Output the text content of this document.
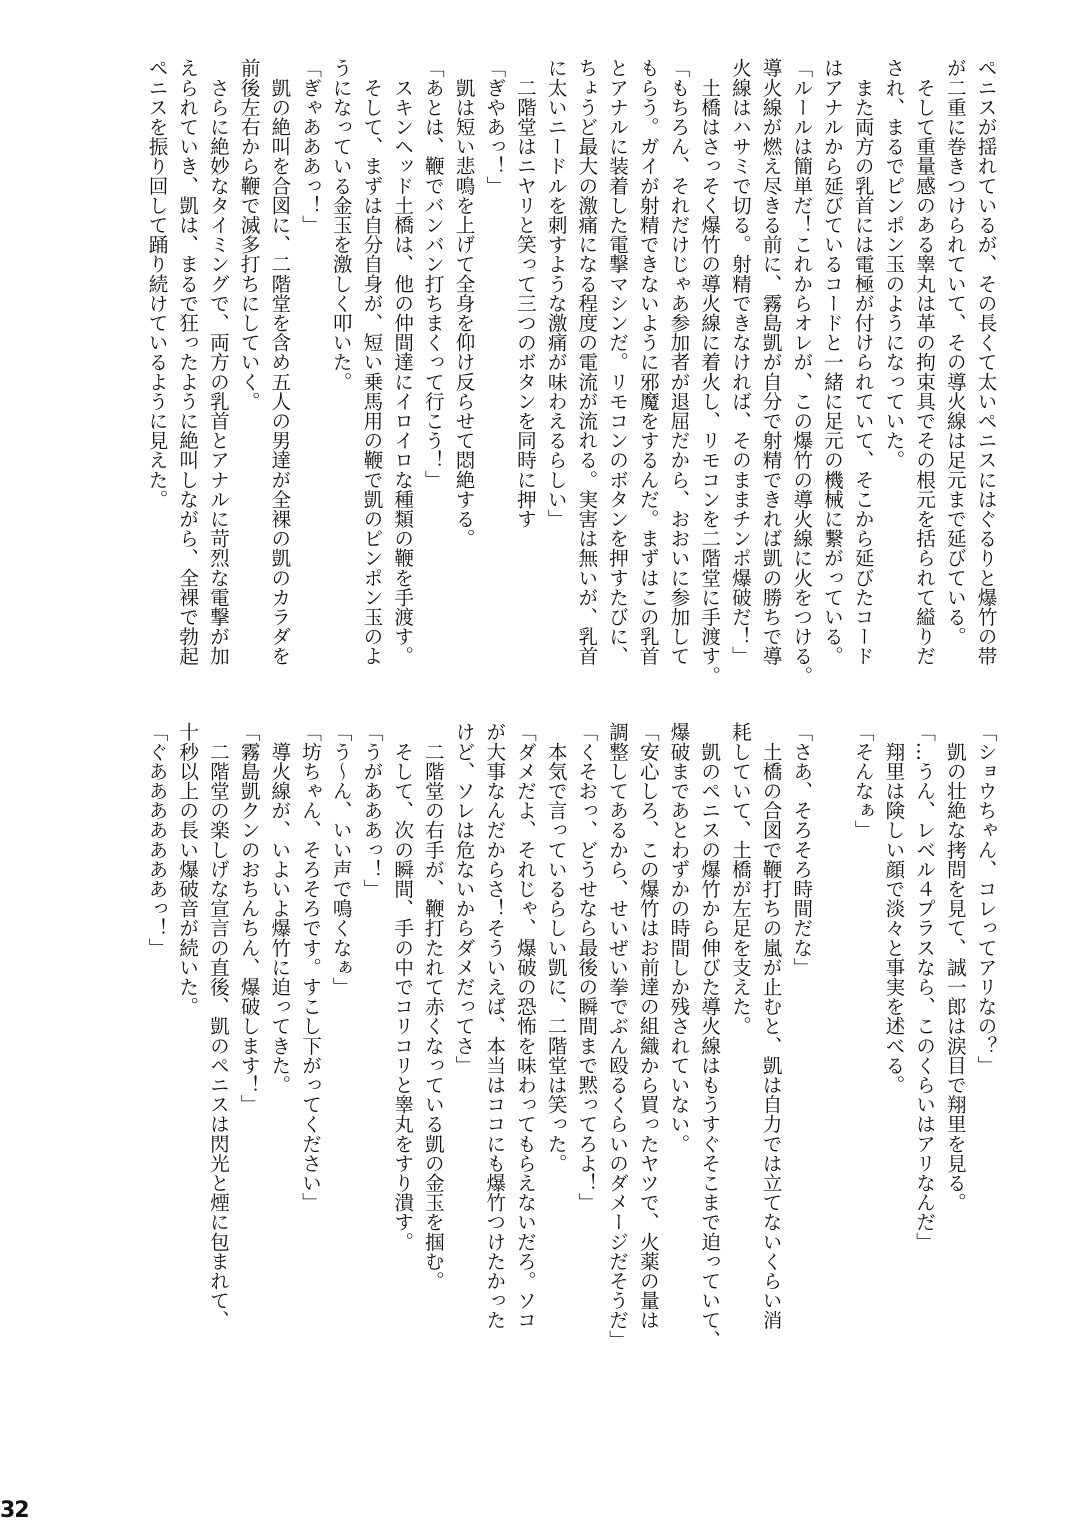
ペニスが揺れているが、その長くて太いペニスにはぐるりと爆竹の帯
が二重に巻きつけられていて、その導火線は足元まで延びている。
　そして重量感のある睾丸は革の拘束具でその根元を括られて縊りだ
され、まるでピンポン玉のようになっていた。
　また両方の乳首には電極が付けられていて、そこから延びたコード
はアナルから延びているコードと一緒に足元の機械に繋がっている。
「ルールは簡単だ！これからオレが、この爆竹の導火線に火をつける。
導火線が燃え尽きる前に、霧島凱が自分で射精できれば凱の勝ちで導
火線はハサミで切る。射精できなければ、そのままチンポ爆破だ！」
　土橋はさっそく爆竹の導火線に着火し、リモコンを二階堂に手渡す。
「もちろん、それだけじゃあ参加者が退屈だから、おおいに参加して
もらう。ガイが射精できないように邪魔をするんだ。まずはこの乳首
とアナルに装着した電撃マシンだ。リモコンのボタンを押すたびに、
ちょうど最大の激痛になる程度の電流が流れる。実害は無いが、乳首
に太いニードルを刺すような激痛が味わえるらしい」
　二階堂はニヤリと笑って三つのボタンを同時に押す
「ぎやあっ！」
　凱は短い悲鳴を上げて全身を仰け反らせて悶絶する。
「あとは、鞭でバンバン打ちまくって行こう！」
　スキンヘッド土橋は、他の仲間達にイロイロな種類の鞭を手渡す。
　そして、まずは自分自身が、短い乗馬用の鞭で凱のピンポン玉のよ
うになっている金玉を激しく叩いた。
「ぎゃあああっ！」
　凱の絶叫を合図に、二階堂を含め五人の男達が全裸の凱のカラダを
前後左右から鞭で滅多打ちにしていく。
　さらに絶妙なタイミングで、両方の乳首とアナルに苛烈な電撃が加
えられていき、凱は、まるで狂ったように絶叫しながら、全裸で勃起
ペニスを振り回して踊り続けているように見えた。
「ショウちゃん、コレってアリなの？」
　凱の壮絶な拷問を見て、誠一郎は涙目で翔里を見る。
「…うん、レベル４プラスなら、このくらいはアリなんだ」
　翔里は険しい顔で淡々と事実を述べる。
「そんなぁ」

「さあ、そろそろ時間だな」
　土橋の合図で鞭打ちの嵐が止むと、凱は自力では立てないくらい消
耗していて、土橋が左足を支えた。
　凱のペニスの爆竹から伸びた導火線はもうすぐそこまで迫っていて、
爆破まであとわずかの時間しか残されていない。
「安心しろ、この爆竹はお前達の組織から買ったヤツで、火薬の量は
調整してあるから、せいぜい拳でぶん殴るくらいのダメージだそうだ」
「くそおっ、どうせなら最後の瞬間まで黙ってろよ！」
　本気で言っているらしい凱に、二階堂は笑った。
「ダメだよ、それじゃ、爆破の恐怖を味わってもらえないだろ。ソコ
が大事なんだからさ！そういえば、本当はココにも爆竹つけたかった
けど、ソレは危ないからダメだってさ」
　二階堂の右手が、鞭打たれて赤くなっている凱の金玉を掴む。
　そして、次の瞬間、手の中でコリコリと睾丸をすり潰す。
「うがあああっ！」
「う〜ん、いい声で鳴くなぁ」
「坊ちゃん、そろそろです。すこし下がってください」
　導火線が、いよいよ爆竹に迫ってきた。
「霧島凱クンのおちんちん、爆破します！」
　二階堂の楽しげな宣言の直後、凱のペニスは閃光と煙に包まれて、
十秒以上の長い爆破音が続いた。
「ぐあああああああっ！」
32
